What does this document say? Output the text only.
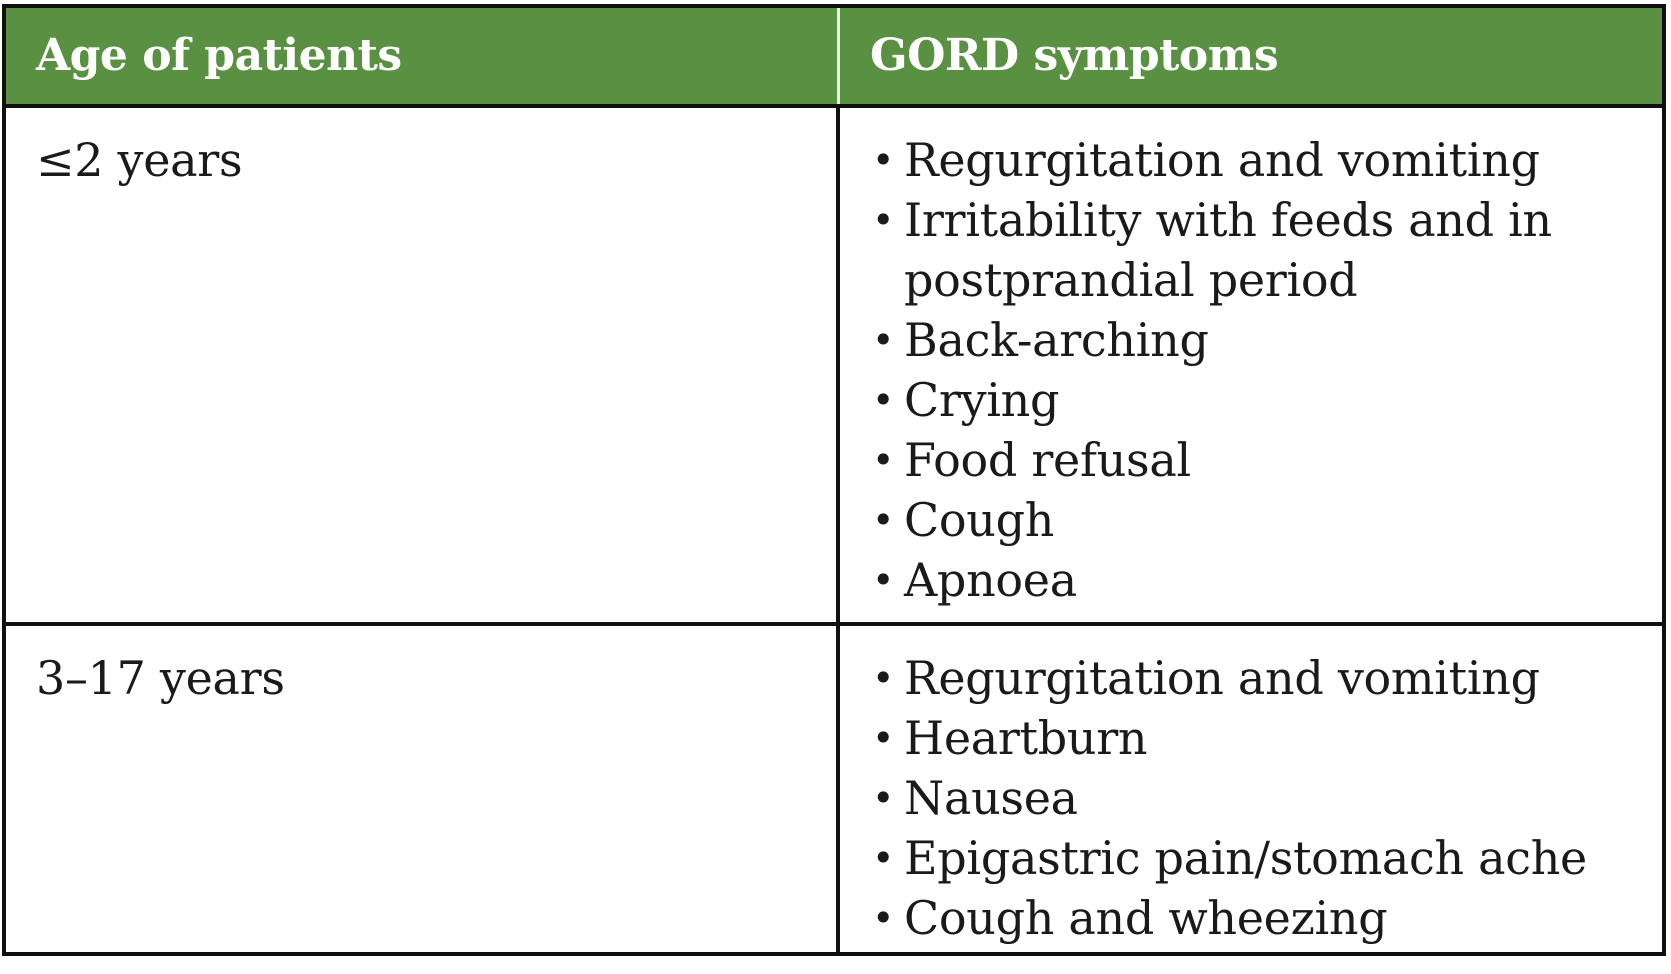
Age of patients	GORD symptoms
≤2 years	• Regurgitation and vomiting
• Irritability with feeds and in postprandial period
• Back-arching
• Crying
• Food refusal
• Cough
• Apnoea
3–17 years	• Regurgitation and vomiting
• Heartburn
• Nausea
• Epigastric pain/stomach ache
• Cough and wheezing
